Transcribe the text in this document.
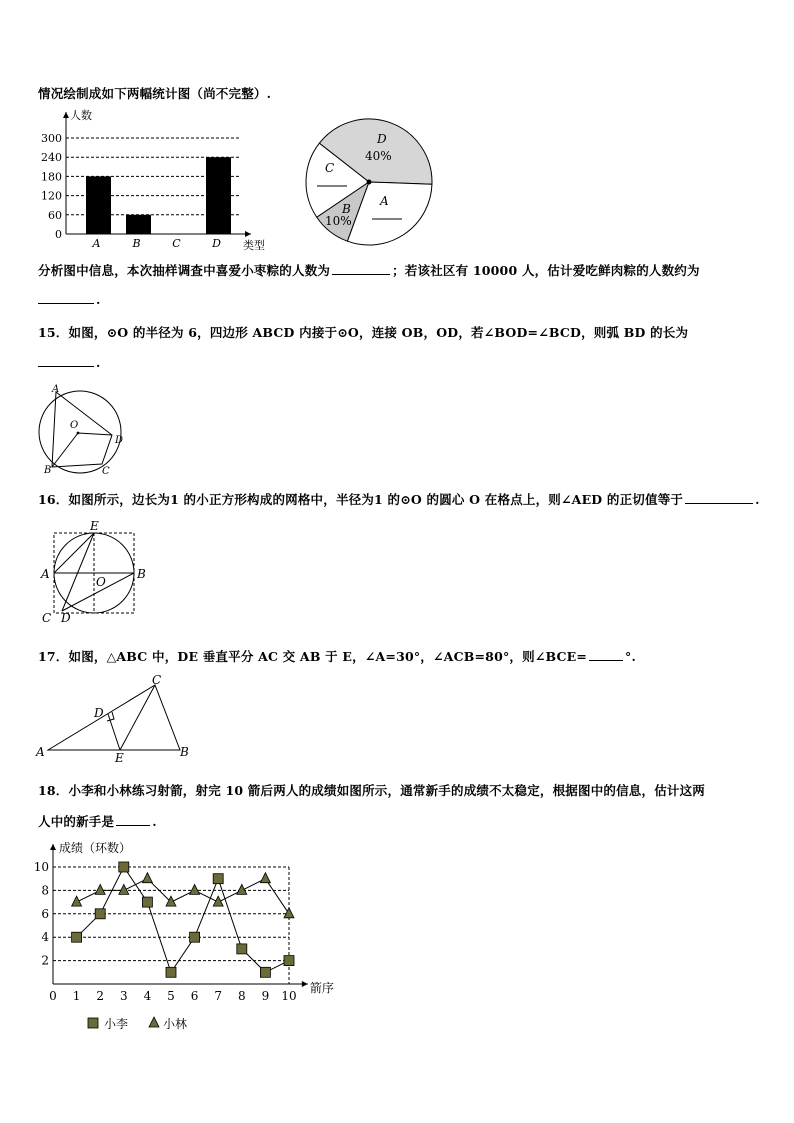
情况绘制成如下两幅统计图（尚不完整）.
0
60
120
180
240
300
人数
类型
A	B	C	D
D
40%
C
B
10%
A
分析图中信息，本次抽样调查中喜爱小枣粽的人数为	；若该社区有 10000 人，估计爱吃鲜肉粽的人数约为
.
15．如图，⊙O 的半径为 6，四边形 ABCD 内接于⊙O，连接 OB，OD，若∠BOD=∠BCD，则弧 BD 的长为
.
A
O
D
B	C
16．如图所示，边长为1 的小正方形构成的网格中，半径为1 的⊙O 的圆心 O 在格点上，则∠AED 的正切值等于	.
E
A	B
O
C D
17．如图，△ABC 中，DE 垂直平分 AC 交 AB 于 E，∠A=30°，∠ACB=80°，则∠BCE=	°.
C
D
A	E	B
18．小李和小林练习射箭，射完 10 箭后两人的成绩如图所示，通常新手的成绩不太稳定，根据图中的信息，估计这两
人中的新手是	.
2
4
6
8
10
0 1 2 3 4 5 6 7 8 9 10
成绩（环数）
箭序
小李	小林
